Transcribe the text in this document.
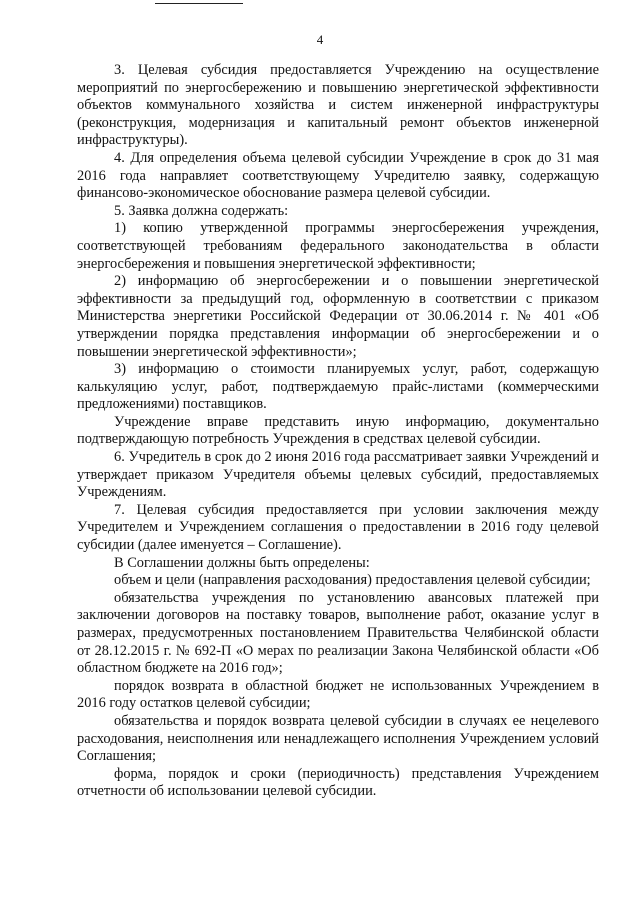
4

3. Целевая субсидия предоставляется Учреждению на осуществление мероприятий по энергосбережению и повышению энергетической эффективности объектов коммунального хозяйства и систем инженерной инфраструктуры (реконструкция, модернизация и капитальный ремонт объектов инженерной инфраструктуры).

4. Для определения объема целевой субсидии Учреждение в срок до 31 мая 2016 года направляет соответствующему Учредителю заявку, содержащую финансово-экономическое обоснование размера целевой субсидии.

5. Заявка должна содержать:

1) копию утвержденной программы энергосбережения учреждения, соответствующей требованиям федерального законодательства в области энергосбережения и повышения энергетической эффективности;

2) информацию об энергосбережении и о повышении энергетической эффективности за предыдущий год, оформленную в соответствии с приказом Министерства энергетики Российской Федерации от 30.06.2014 г. № 401 «Об утверждении порядка представления информации об энергосбережении и о повышении энергетической эффективности»;

3) информацию о стоимости планируемых услуг, работ, содержащую калькуляцию услуг, работ, подтверждаемую прайс-листами (коммерческими предложениями) поставщиков.

Учреждение вправе представить иную информацию, документально подтверждающую потребность Учреждения в средствах целевой субсидии.

6. Учредитель в срок до 2 июня 2016 года рассматривает заявки Учреждений и утверждает приказом Учредителя объемы целевых субсидий, предоставляемых Учреждениям.

7. Целевая субсидия предоставляется при условии заключения между Учредителем и Учреждением соглашения о предоставлении в 2016 году целевой субсидии (далее именуется – Соглашение).

В Соглашении должны быть определены:

объем и цели (направления расходования) предоставления целевой субсидии;

обязательства учреждения по установлению авансовых платежей при заключении договоров на поставку товаров, выполнение работ, оказание услуг в размерах, предусмотренных постановлением Правительства Челябинской области от 28.12.2015 г. № 692-П «О мерах по реализации Закона Челябинской области «Об областном бюджете на 2016 год»;

порядок возврата в областной бюджет не использованных Учреждением в 2016 году остатков целевой субсидии;

обязательства и порядок возврата целевой субсидии в случаях ее нецелевого расходования, неисполнения или ненадлежащего исполнения Учреждением условий Соглашения;

форма, порядок и сроки (периодичность) представления Учреждением отчетности об использовании целевой субсидии.
